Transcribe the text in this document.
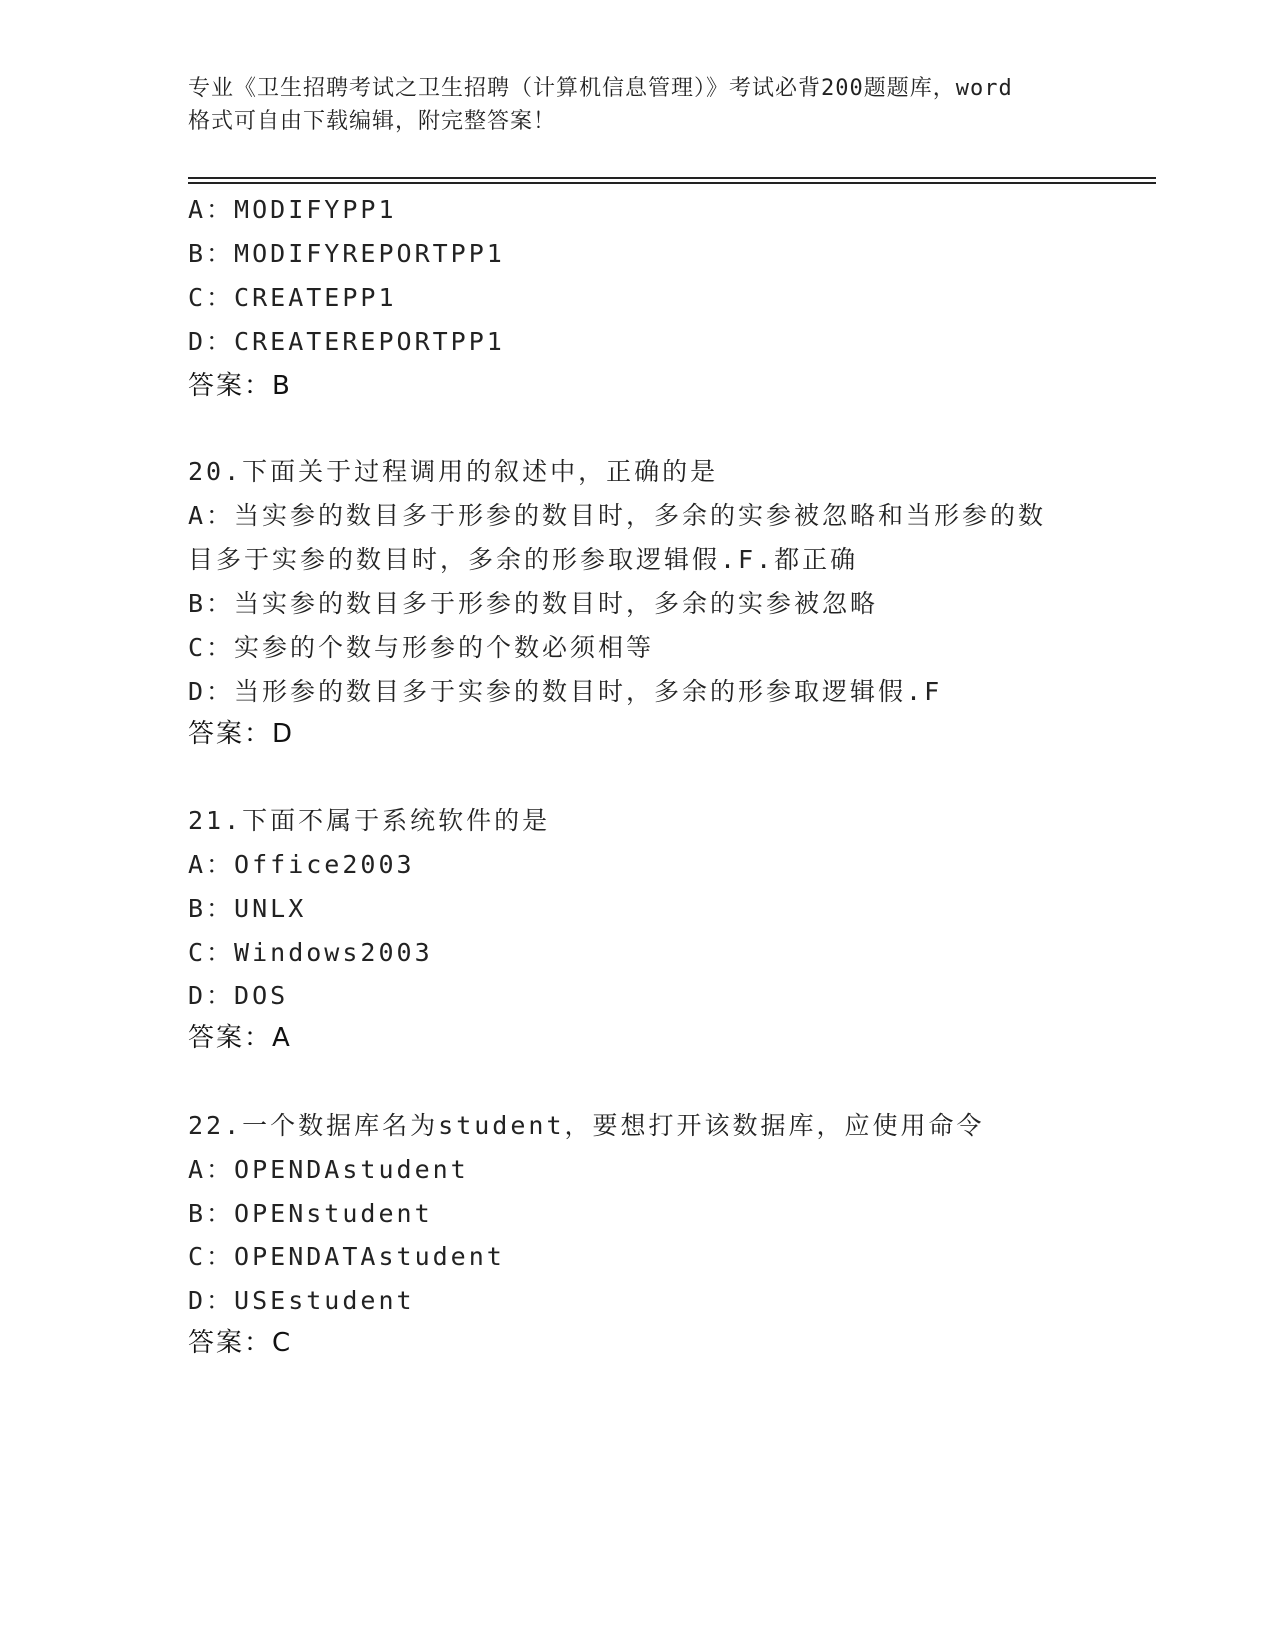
专业《卫生招聘考试之卫生招聘（计算机信息管理）》考试必背200题题库，word
格式可自由下载编辑，附完整答案！
A：MODIFYPP1
B：MODIFYREPORTPP1
C：CREATEPP1
D：CREATEREPORTPP1
答案：B
20.下面关于过程调用的叙述中，正确的是
A：当实参的数目多于形参的数目时，多余的实参被忽略和当形参的数
目多于实参的数目时，多余的形参取逻辑假.F.都正确
B：当实参的数目多于形参的数目时，多余的实参被忽略
C：实参的个数与形参的个数必须相等
D：当形参的数目多于实参的数目时，多余的形参取逻辑假.F
答案：D
21.下面不属于系统软件的是
A：Office2003
B：UNLX
C：Windows2003
D：DOS
答案：A
22.一个数据库名为student，要想打开该数据库，应使用命令
A：OPENDAstudent
B：OPENstudent
C：OPENDATAstudent
D：USEstudent
答案：C
